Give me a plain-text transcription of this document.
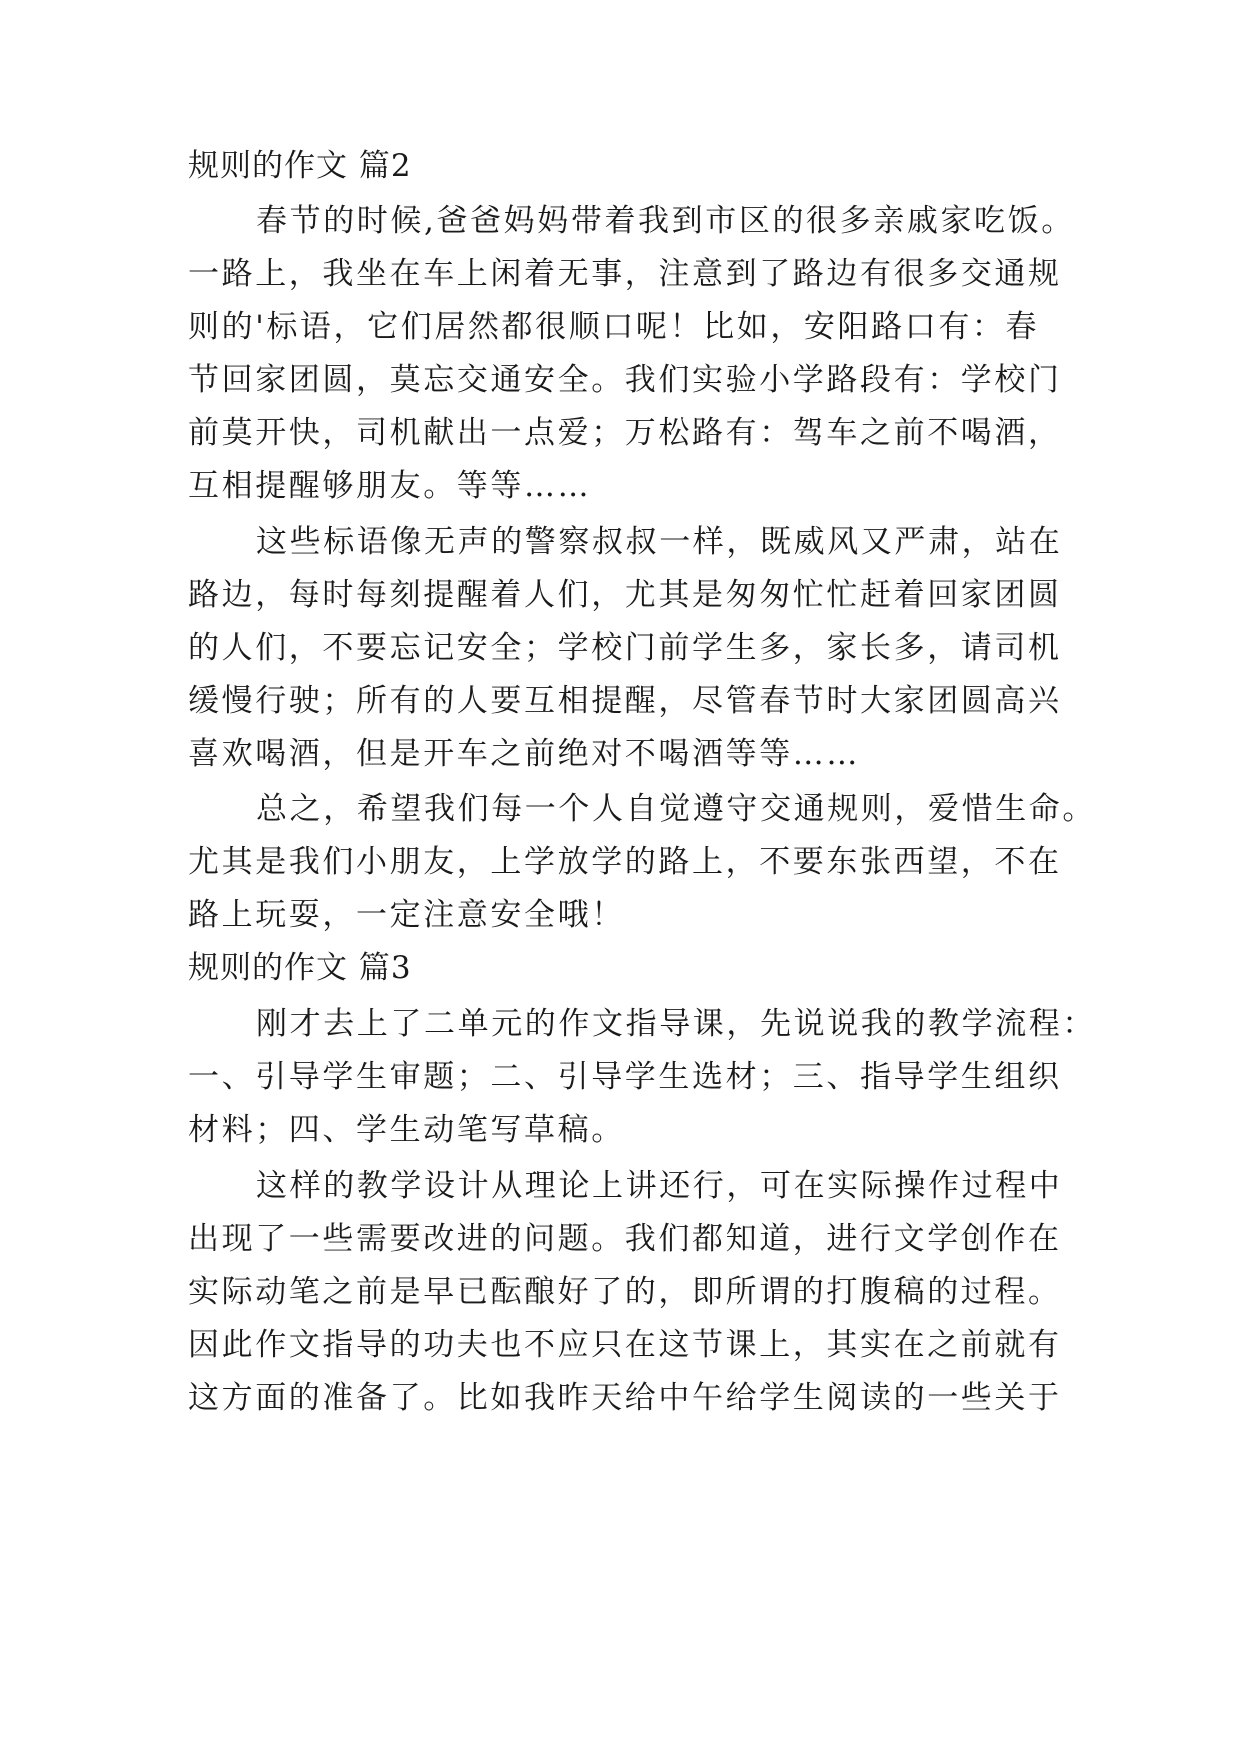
规则的作文 篇2
春节的时候,爸爸妈妈带着我到市区的很多亲戚家吃饭。
一路上，我坐在车上闲着无事，注意到了路边有很多交通规
则的'标语，它们居然都很顺口呢！比如，安阳路口有：春
节回家团圆，莫忘交通安全。我们实验小学路段有：学校门
前莫开快，司机献出一点爱；万松路有：驾车之前不喝酒，
互相提醒够朋友。等等……
这些标语像无声的警察叔叔一样，既威风又严肃，站在
路边，每时每刻提醒着人们，尤其是匆匆忙忙赶着回家团圆
的人们，不要忘记安全；学校门前学生多，家长多，请司机
缓慢行驶；所有的人要互相提醒，尽管春节时大家团圆高兴
喜欢喝酒，但是开车之前绝对不喝酒等等……
总之，希望我们每一个人自觉遵守交通规则，爱惜生命。
尤其是我们小朋友，上学放学的路上，不要东张西望，不在
路上玩耍，一定注意安全哦！
规则的作文 篇3
刚才去上了二单元的作文指导课，先说说我的教学流程：
一、引导学生审题；二、引导学生选材；三、指导学生组织
材料；四、学生动笔写草稿。
这样的教学设计从理论上讲还行，可在实际操作过程中
出现了一些需要改进的问题。我们都知道，进行文学创作在
实际动笔之前是早已酝酿好了的，即所谓的打腹稿的过程。
因此作文指导的功夫也不应只在这节课上，其实在之前就有
这方面的准备了。比如我昨天给中午给学生阅读的一些关于
